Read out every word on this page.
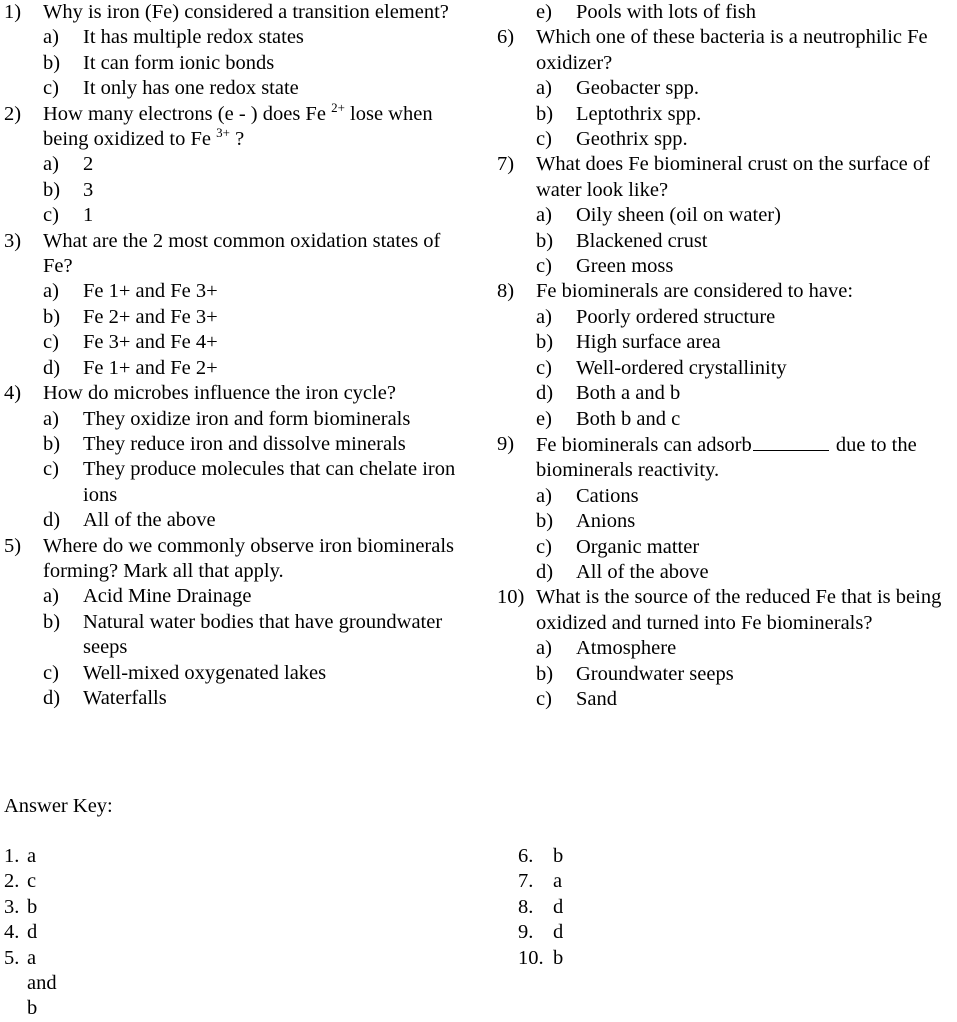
1)	Why is iron (Fe) considered a transition element?
a) It has multiple redox states
b) It can form ionic bonds
c) It only has one redox state
2)	How many electrons (e - ) does Fe $^{2+}$ lose when being oxidized to Fe $^{3+}$ ?
a) 2
b) 3
c) 1
3)	What are the 2 most common oxidation states of Fe?
a) Fe 1+ and Fe 3+
b) Fe 2+ and Fe 3+
c) Fe 3+ and Fe 4+
d) Fe 1+ and Fe 2+
4)	How do microbes influence the iron cycle?
a) They oxidize iron and form biominerals
b) They reduce iron and dissolve minerals
c) They produce molecules that can chelate iron ions
d) All of the above
5)	Where do we commonly observe iron biominerals forming? Mark all that apply.
a) Acid Mine Drainage
b) Natural water bodies that have groundwater seeps
c) Well-mixed oxygenated lakes
d) Waterfalls
e) Pools with lots of fish
6)	Which one of these bacteria is a neutrophilic Fe oxidizer?
a) Geobacter spp.
b) Leptothrix spp.
c) Geothrix spp.
7)	What does Fe biomineral crust on the surface of water look like?
a) Oily sheen (oil on water)
b) Blackened crust
c) Green moss
8)	Fe biominerals are considered to have:
a) Poorly ordered structure
b) High surface area
c) Well-ordered crystallinity
d) Both a and b
e) Both b and c
9)	Fe biominerals can adsorb	due to the biominerals reactivity.
a) Cations
b) Anions
c) Organic matter
d) All of the above
10) What is the source of the reduced Fe that is being oxidized and turned into Fe biominerals?
a) Atmosphere
b) Groundwater seeps
c) Sand
Answer Key:
1. a
2. c
3. b
4. d
5. a and b
6. b
7. a
8. d
9. d
10. b
